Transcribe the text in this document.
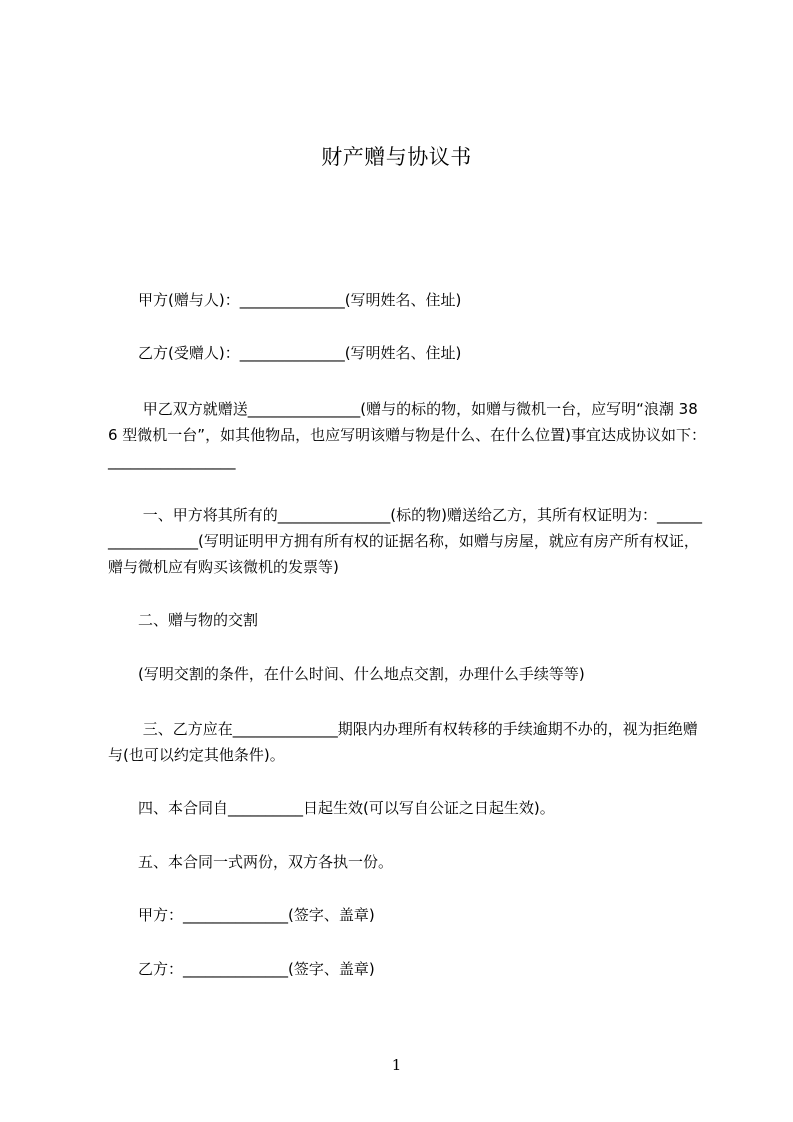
财产赠与协议书
　　甲方(赠与人)：______________(写明姓名、住址)
　　乙方(受赠人)：______________(写明姓名、住址)
　　 甲乙双方就赠送_______________(赠与的标的物，如赠与微机一台，应写明“浪潮 386 型微机一台”，如其他物品，也应写明该赠与物是什么、在什么位置)事宜达成协议如下：_________________
　　 一、甲方将其所有的_______________(标的物)赠送给乙方，其所有权证明为：__________________(写明证明甲方拥有所有权的证据名称，如赠与房屋，就应有房产所有权证，赠与微机应有购买该微机的发票等)
　　二、赠与物的交割
　　(写明交割的条件，在什么时间、什么地点交割，办理什么手续等等)
　　 三、乙方应在______________期限内办理所有权转移的手续逾期不办的，视为拒绝赠与(也可以约定其他条件)。
　　四、本合同自__________日起生效(可以写自公证之日起生效)。
　　五、本合同一式两份，双方各执一份。
　　甲方：______________(签字、盖章)
　　乙方：______________(签字、盖章)
1
